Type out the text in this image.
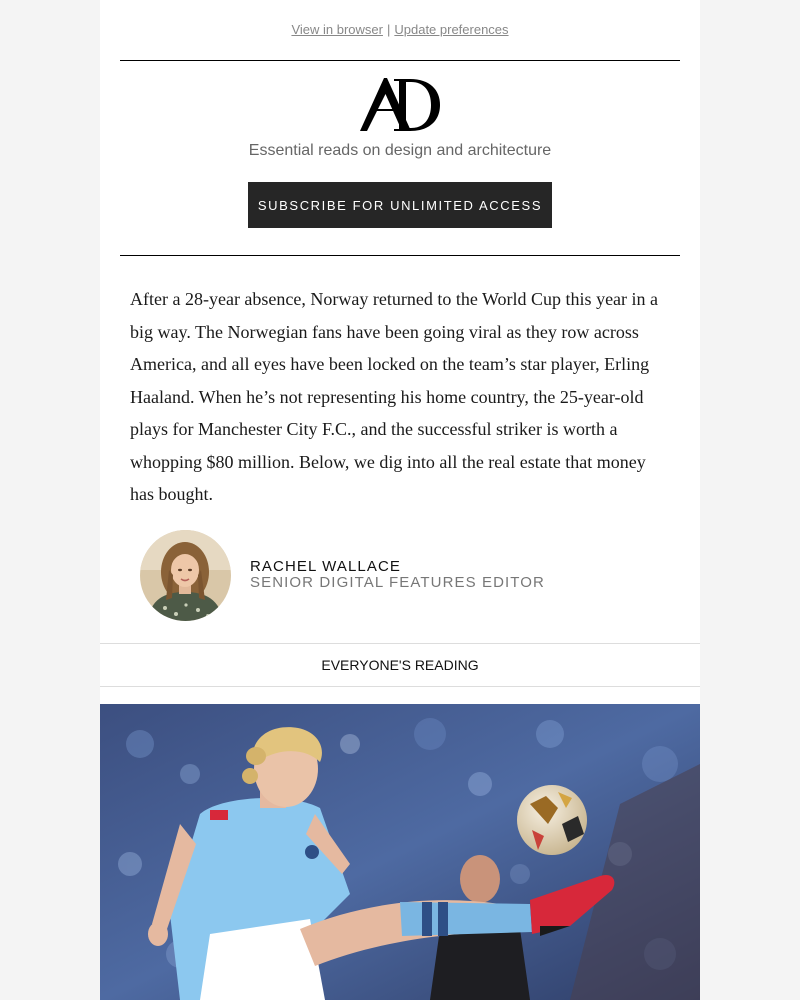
View in browser | Update preferences
Essential reads on design and architecture
SUBSCRIBE FOR UNLIMITED ACCESS

After a 28-year absence, Norway returned to the World Cup this year in a big way. The Norwegian fans have been going viral as they row across America, and all eyes have been locked on the team’s star player, Erling Haaland. When he’s not representing his home country, the 25-year-old plays for Manchester City F.C., and the successful striker is worth a whopping $80 million. Below, we dig into all the real estate that money has bought.

RACHEL WALLACE
SENIOR DIGITAL FEATURES EDITOR
EVERYONE'S READING
